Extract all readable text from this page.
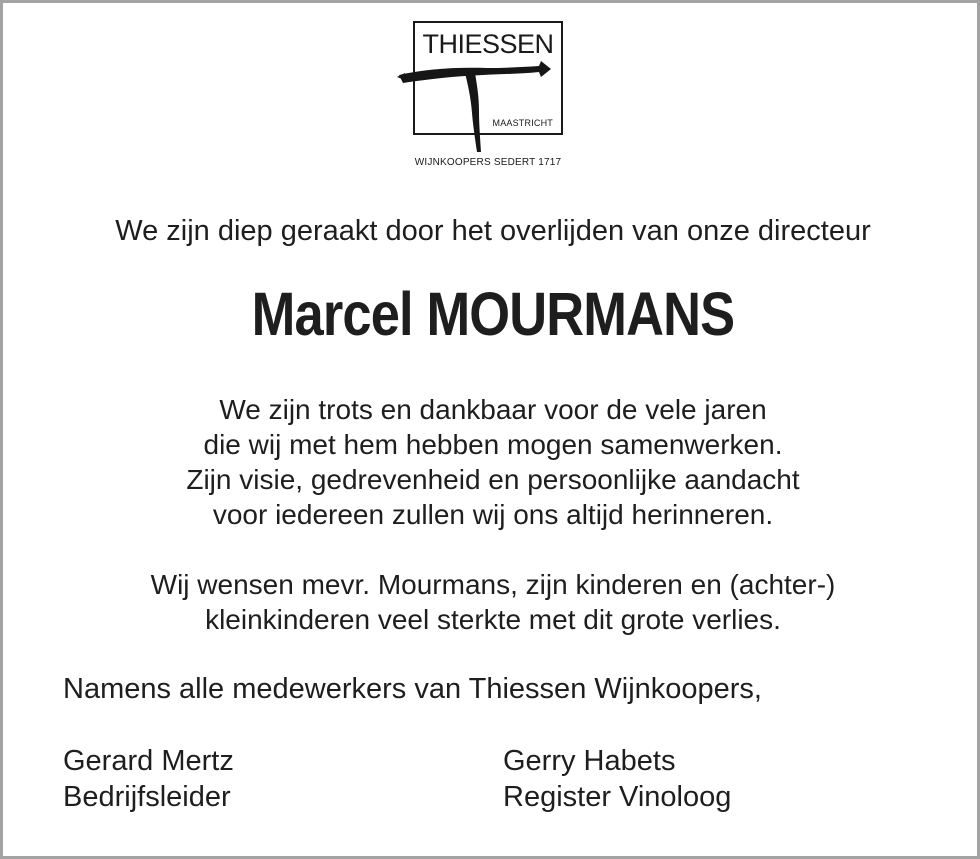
THIESSEN
MAASTRICHT
WIJNKOOPERS SEDERT 1717
We zijn diep geraakt door het overlijden van onze directeur
Marcel MOURMANS
We zijn trots en dankbaar voor de vele jaren
die wij met hem hebben mogen samenwerken.
Zijn visie, gedrevenheid en persoonlijke aandacht
voor iedereen zullen wij ons altijd herinneren.
Wij wensen mevr. Mourmans, zijn kinderen en (achter-)
kleinkinderen veel sterkte met dit grote verlies.
Namens alle medewerkers van Thiessen Wijnkoopers,
Gerard Mertz
Bedrijfsleider
Gerry Habets
Register Vinoloog
